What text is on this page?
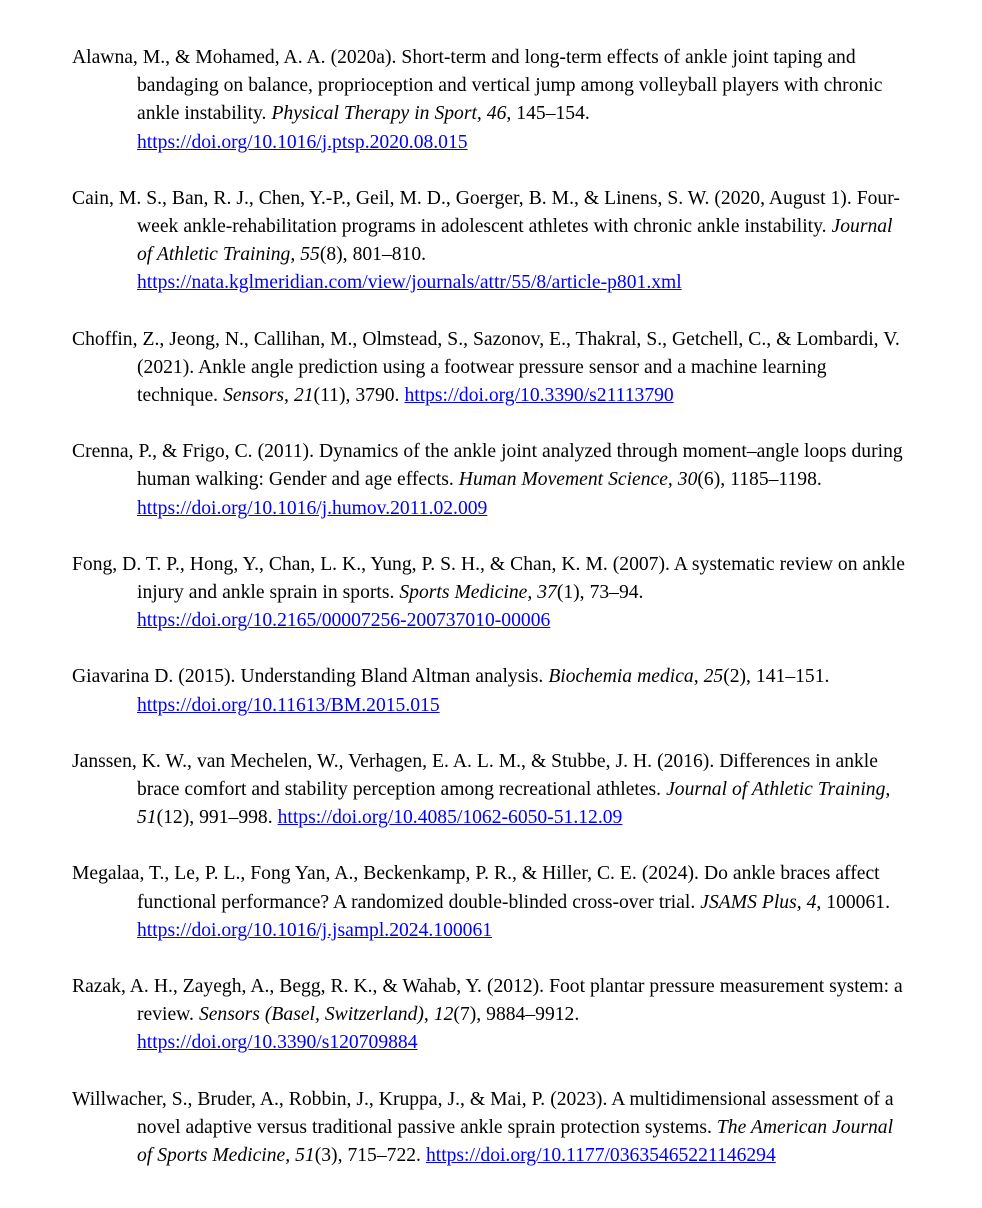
Alawna, M., & Mohamed, A. A. (2020a). Short-term and long-term effects of ankle joint taping and bandaging on balance, proprioception and vertical jump among volleyball players with chronic ankle instability. Physical Therapy in Sport, 46, 145–154.
https://doi.org/10.1016/j.ptsp.2020.08.015
Cain, M. S., Ban, R. J., Chen, Y.-P., Geil, M. D., Goerger, B. M., & Linens, S. W. (2020, August 1). Four-week ankle-rehabilitation programs in adolescent athletes with chronic ankle instability. Journal of Athletic Training, 55(8), 801–810.
https://nata.kglmeridian.com/view/journals/attr/55/8/article-p801.xml
Choffin, Z., Jeong, N., Callihan, M., Olmstead, S., Sazonov, E., Thakral, S., Getchell, C., & Lombardi, V. (2021). Ankle angle prediction using a footwear pressure sensor and a machine learning technique. Sensors, 21(11), 3790. https://doi.org/10.3390/s21113790
Crenna, P., & Frigo, C. (2011). Dynamics of the ankle joint analyzed through moment–angle loops during human walking: Gender and age effects. Human Movement Science, 30(6), 1185–1198. https://doi.org/10.1016/j.humov.2011.02.009
Fong, D. T. P., Hong, Y., Chan, L. K., Yung, P. S. H., & Chan, K. M. (2007). A systematic review on ankle injury and ankle sprain in sports. Sports Medicine, 37(1), 73–94.
https://doi.org/10.2165/00007256-200737010-00006
Giavarina D. (2015). Understanding Bland Altman analysis. Biochemia medica, 25(2), 141–151.
https://doi.org/10.11613/BM.2015.015
Janssen, K. W., van Mechelen, W., Verhagen, E. A. L. M., & Stubbe, J. H. (2016). Differences in ankle brace comfort and stability perception among recreational athletes. Journal of Athletic Training, 51(12), 991–998. https://doi.org/10.4085/1062-6050-51.12.09
Megalaa, T., Le, P. L., Fong Yan, A., Beckenkamp, P. R., & Hiller, C. E. (2024). Do ankle braces affect functional performance? A randomized double-blinded cross-over trial. JSAMS Plus, 4, 100061. https://doi.org/10.1016/j.jsampl.2024.100061
Razak, A. H., Zayegh, A., Begg, R. K., & Wahab, Y. (2012). Foot plantar pressure measurement system: a review. Sensors (Basel, Switzerland), 12(7), 9884–9912.
https://doi.org/10.3390/s120709884
Willwacher, S., Bruder, A., Robbin, J., Kruppa, J., & Mai, P. (2023). A multidimensional assessment of a novel adaptive versus traditional passive ankle sprain protection systems. The American Journal of Sports Medicine, 51(3), 715–722. https://doi.org/10.1177/03635465221146294
